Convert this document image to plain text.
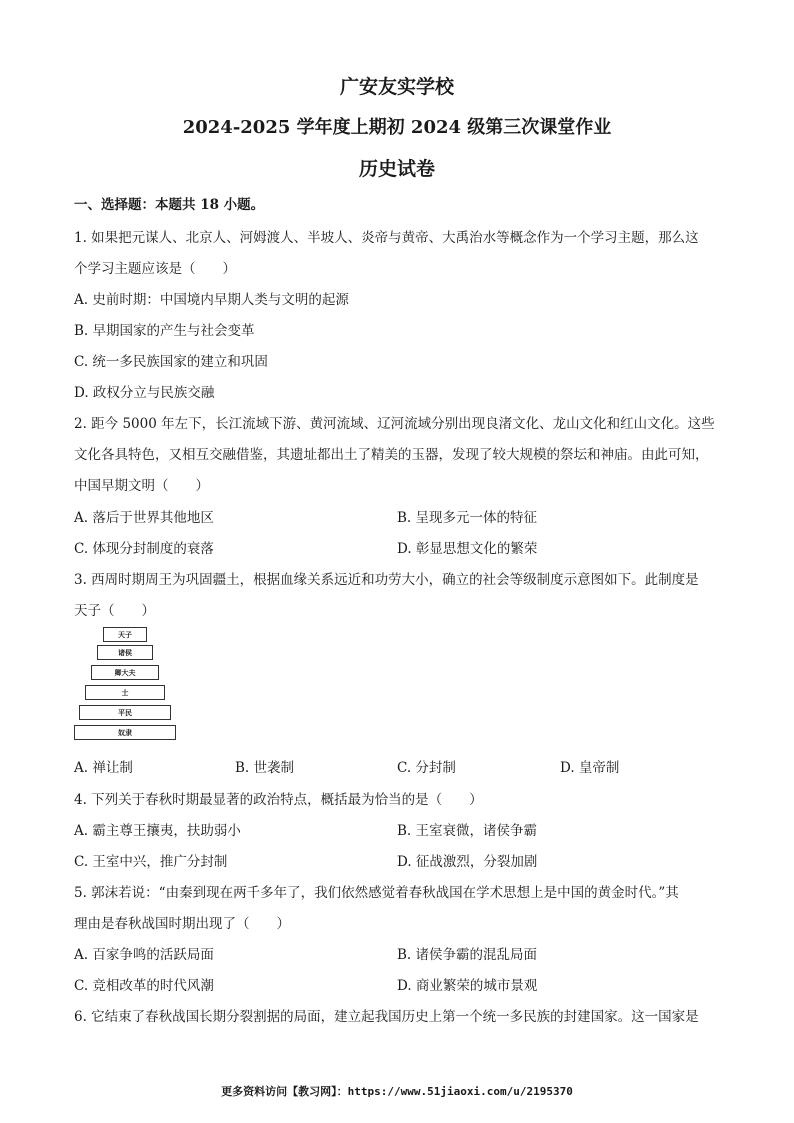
广安友实学校
2024-2025 学年度上期初 2024 级第三次课堂作业
历史试卷
一、选择题：本题共 18 小题。
1. 如果把元谋人、北京人、河姆渡人、半坡人、炎帝与黄帝、大禹治水等概念作为一个学习主题，那么这
个学习主题应该是（　　）
A. 史前时期：中国境内早期人类与文明的起源
B. 早期国家的产生与社会变革
C. 统一多民族国家的建立和巩固
D. 政权分立与民族交融
2. 距今 5000 年左下，长江流域下游、黄河流域、辽河流域分别出现良渚文化、龙山文化和红山文化。这些
文化各具特色，又相互交融借鉴，其遗址都出土了精美的玉器，发现了较大规模的祭坛和神庙。由此可知，
中国早期文明（　　）
A. 落后于世界其他地区	B. 呈现多元一体的特征
C. 体现分封制度的衰落	D. 彰显思想文化的繁荣
3. 西周时期周王为巩固疆土，根据血缘关系远近和功劳大小，确立的社会等级制度示意图如下。此制度是
天子（　　）
天子
诸侯
卿大夫
士
平民
奴隶
A. 禅让制	B. 世袭制	C. 分封制	D. 皇帝制
4. 下列关于春秋时期最显著的政治特点，概括最为恰当的是（　　）
A. 霸主尊王攘夷，扶助弱小	B. 王室衰微，诸侯争霸
C. 王室中兴，推广分封制	D. 征战激烈，分裂加剧
5. 郭沫若说：“由秦到现在两千多年了，我们依然感觉着春秋战国在学术思想上是中国的黄金时代。”其
理由是春秋战国时期出现了（　　）
A. 百家争鸣的活跃局面	B. 诸侯争霸的混乱局面
C. 竞相改革的时代风潮	D. 商业繁荣的城市景观
6. 它结束了春秋战国长期分裂割据的局面，建立起我国历史上第一个统一多民族的封建国家。这一国家是
更多资料访问【教习网】：https://www.51jiaoxi.com/u/2195370
